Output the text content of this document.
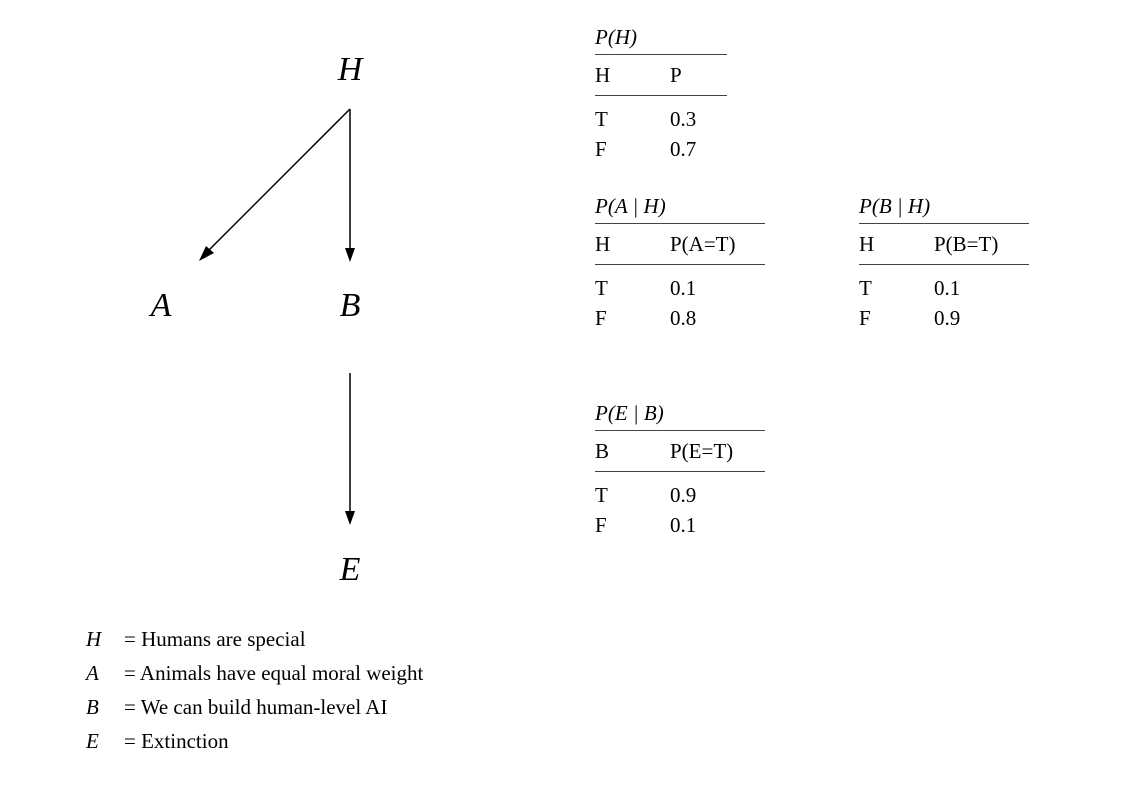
H
A	B
E
P(H)
H	P
T	0.3
F	0.7
P(A | H)
H	P(A=T)
T	0.1
F	0.8
P(B | H)
H	P(B=T)
T	0.1
F	0.9
P(E | B)
B	P(E=T)
T	0.9
F	0.1
H	= Humans are special
A	= Animals have equal moral weight
B	= We can build human-level AI
E	= Extinction
